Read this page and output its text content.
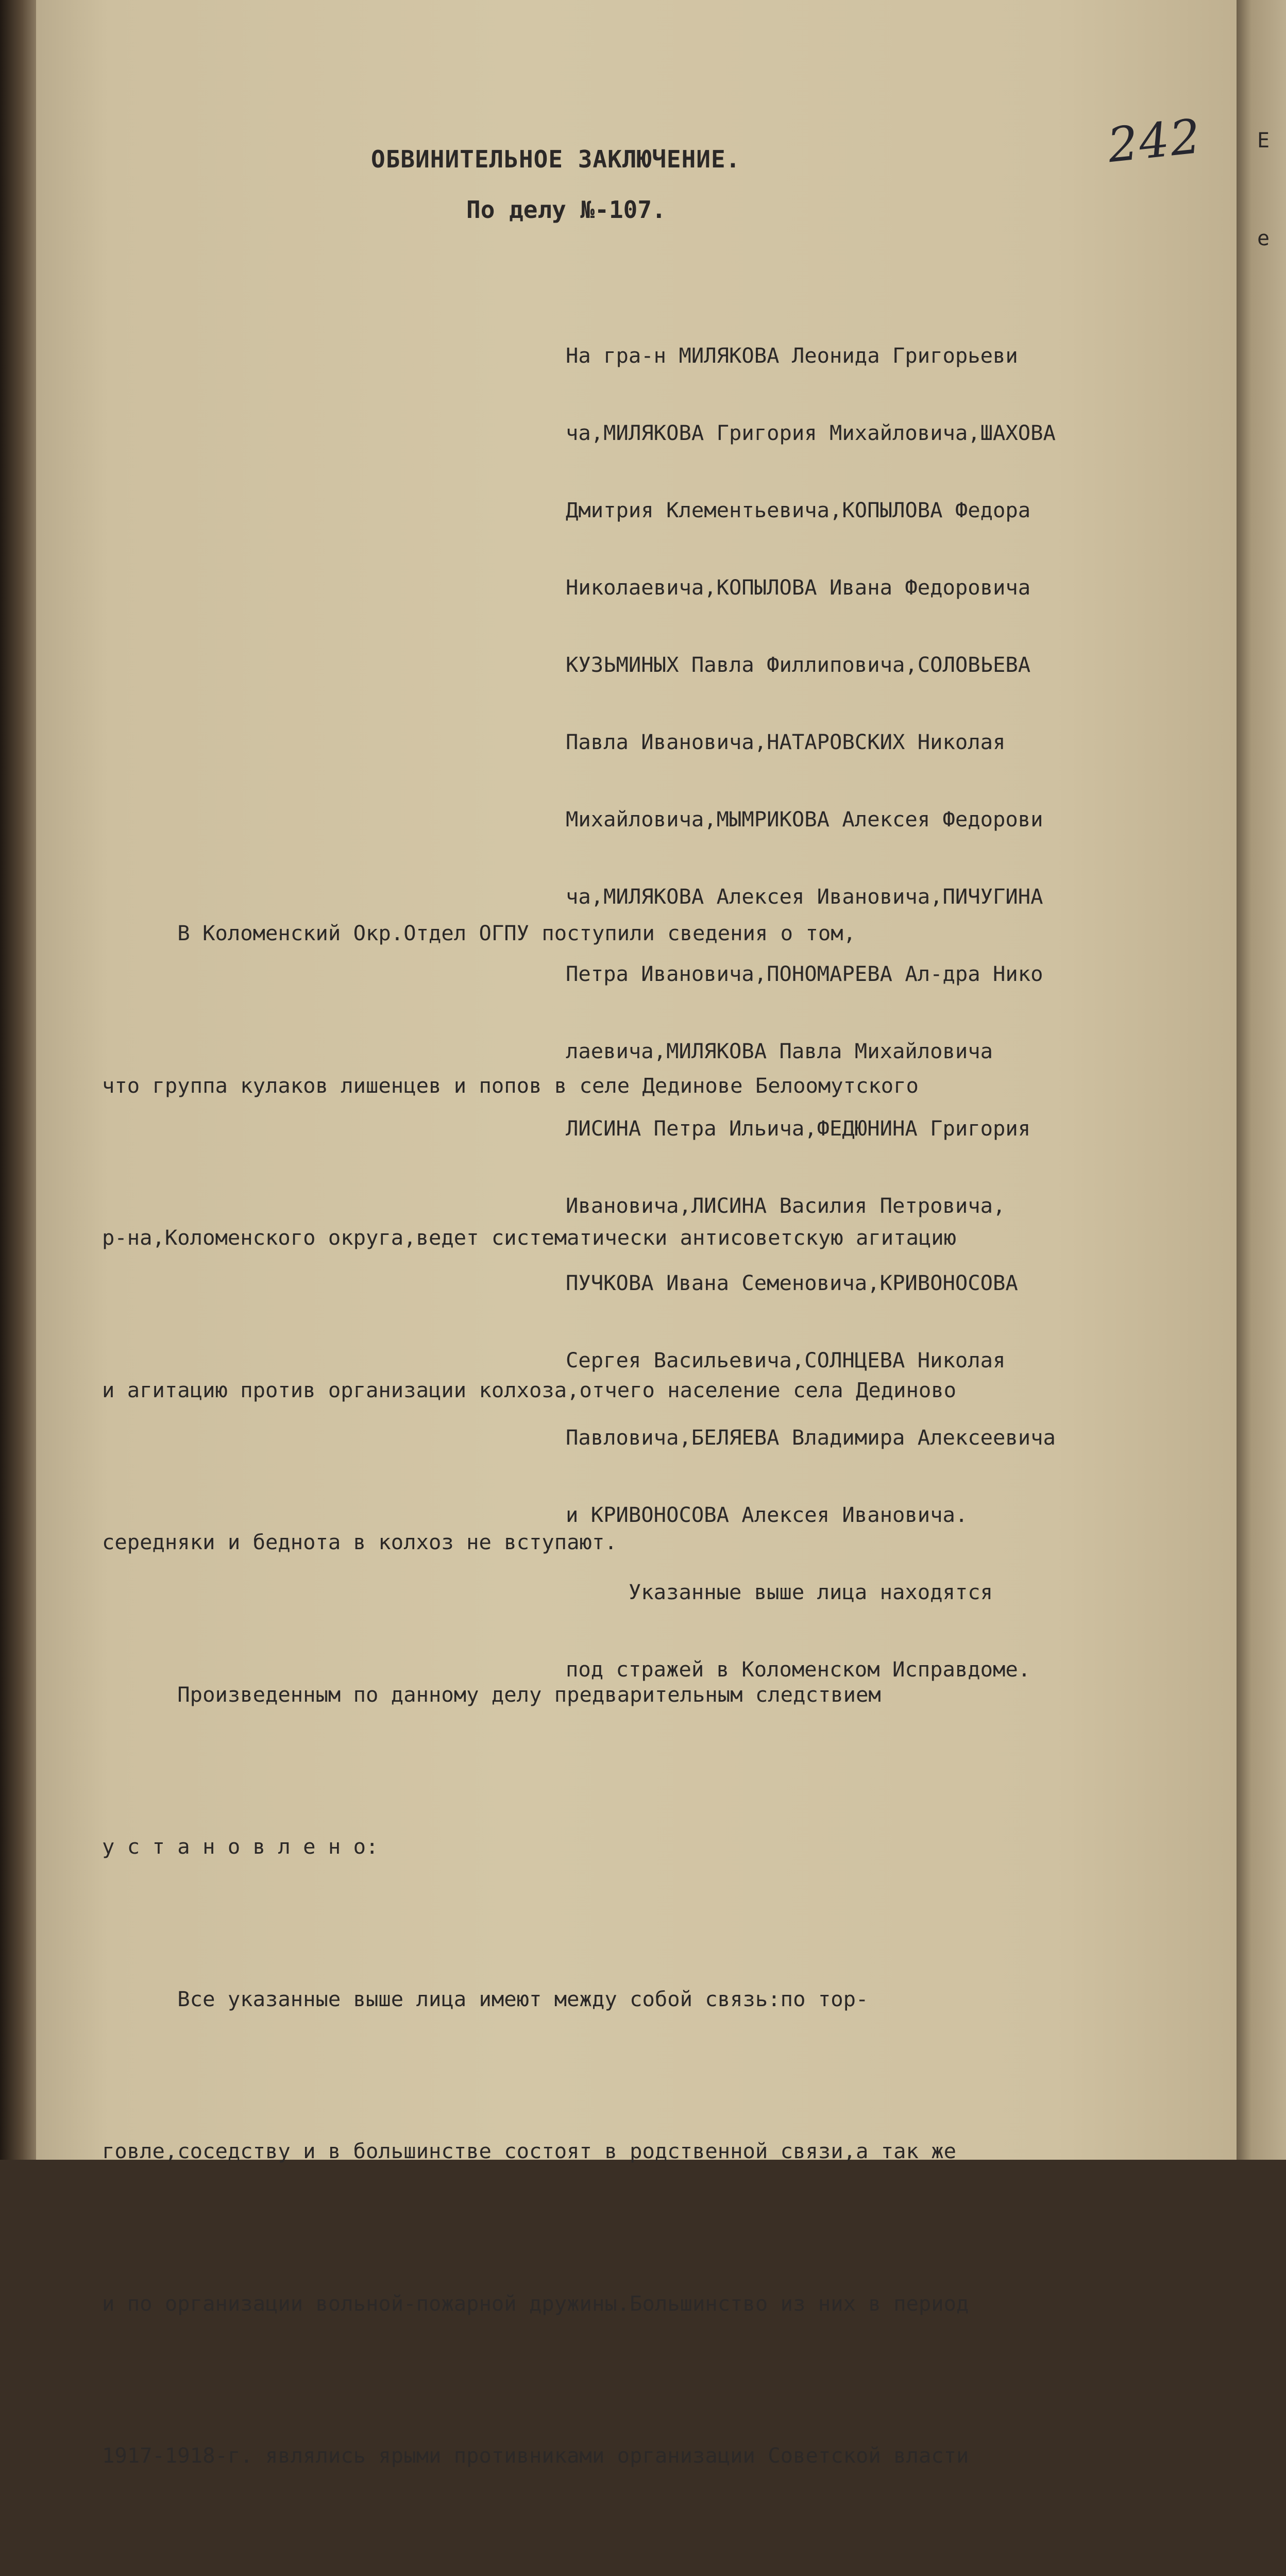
Е
е
242
ОБВИНИТЕЛЬНОЕ ЗАКЛЮЧЕНИЕ.
По делу №-107.

На гра-н МИЛЯКОВА Леонида Григорьеви

ча,МИЛЯКОВА Григория Михайловича,ШАХОВА

Дмитрия Клементьевича,КОПЫЛОВА Федора

Николаевича,КОПЫЛОВА Ивана Федоровича

КУЗЬМИНЫХ Павла Филлиповича,СОЛОВЬЕВА

Павла Ивановича,НАТАРОВСКИХ Николая

Михайловича,МЫМРИКОВА Алексея Федорови

ча,МИЛЯКОВА Алексея Ивановича,ПИЧУГИНА

Петра Ивановича,ПОНОМАРЕВА Ал-дра Нико

лаевича,МИЛЯКОВА Павла Михайловича

ЛИСИНА Петра Ильича,ФЕДЮНИНА Григория

Ивановича,ЛИСИНА Василия Петровича,

ПУЧКОВА Ивана Семеновича,КРИВОНОСОВА

Сергея Васильевича,СОЛНЦЕВА Николая

Павловича,БЕЛЯЕВА Владимира Алексеевича

и КРИВОНОСОВА Алексея Ивановича.

Указанные выше лица находятся

под стражей в Коломенском Исправдоме.

В Коломенский Окр.Отдел ОГПУ поступили сведения о том,

что группа кулаков лишенцев и попов в селе Дединове Белоомутского

р-на,Коломенского округа,ведет систематически антисоветскую агитацию

и агитацию против организации колхоза,отчего население села Дединово

середняки и беднота в колхоз не вступают.

Произведенным по данному делу предварительным следствием

у с т а н о в л е н о:

Все указанные выше лица имеют между собой связь:по тор-

говле,соседству и в большинстве состоят в родственной связи,а так же

и по организации вольной-пожарной дружины.Большинство из них в период

1917-1918-г. являлись ярыми противниками организации Советской власти
